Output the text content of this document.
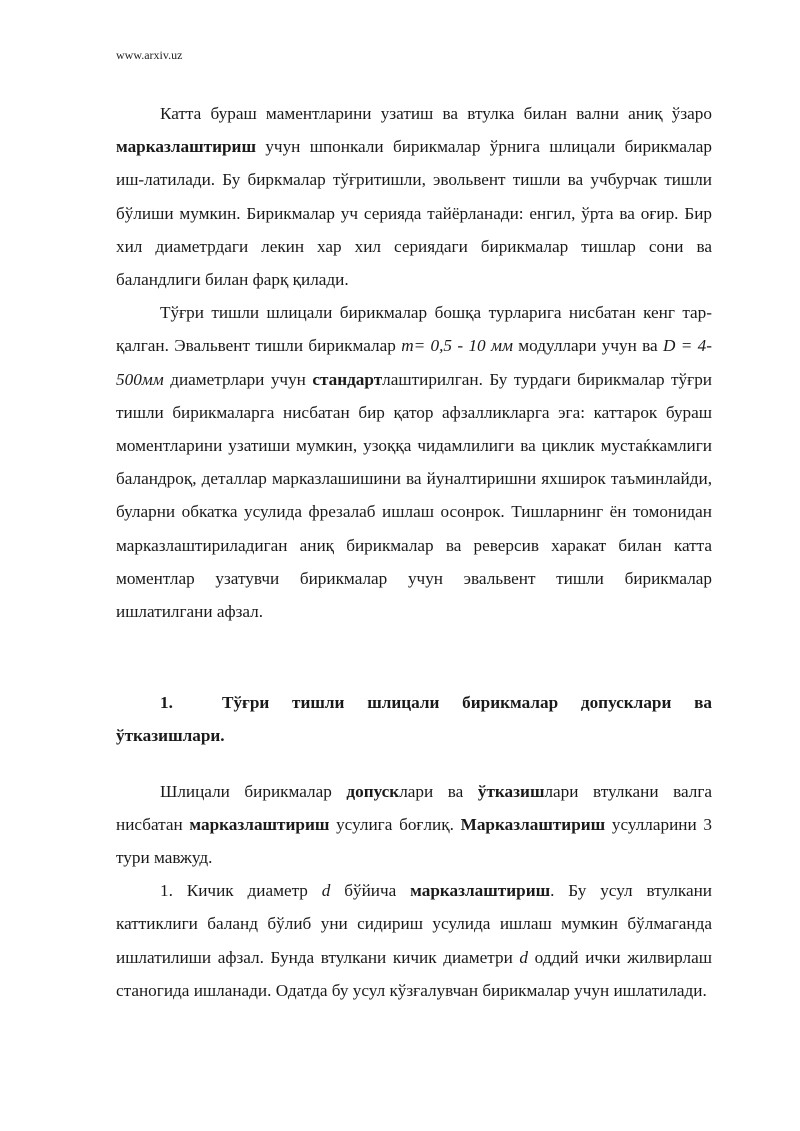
www.arxiv.uz

Катта бураш маментларини узатиш ва втулка билан вални аниқ ўзаро марказлаштириш учун шпонкали бирикмалар ўрнига шлицали бирикмалар иш-латилади. Бу биркмалар тўғритишли, эвольвент тишли ва учбурчак тишли бўлиши мумкин. Бирикмалар уч серияда тайёрланади: енгил, ўрта ва оғир. Бир хил диаметрдаги лекин хар хил сериядаги бирикмалар тишлар сони ва баландлиги билан фарқ қилади.

Тўғри тишли шлицали бирикмалар бошқа турларига нисбатан кенг тар-қалган. Эвальвент тишли бирикмалар m= 0,5 - 10 мм модуллари учун ва D = 4- 500мм диаметрлари учун стандартлаштирилган. Бу турдаги бирикмалар тўғри тишли бирикмаларга нисбатан бир қатор афзалликларга эга: каттарок бураш моментларини узатиши мумкин, узоққа чидамлилиги ва циклик мустаќкамлиги баландроқ, деталлар марказлашишини ва йуналтиришни яхширок таъминлайди, буларни обкатка усулида фрезалаб ишлаш осонрок. Тишларнинг ён томонидан марказлаштириладиган аниқ бирикмалар ва реверсив харакат билан катта моментлар узатувчи бирикмалар учун эвальвент тишли бирикмалар ишлатилгани афзал.

1.	Тўғри тишли шлицали бирикмалар допусклари ва ўтказишлари.

Шлицали бирикмалар допусклари ва ўтказишлари втулкани валга нисбатан марказлаштириш усулига боғлиқ. Марказлаштириш усулларини 3 тури мавжуд.

1. Кичик диаметр d бўйича марказлаштириш. Бу усул втулкани каттиклиги баланд бўлиб уни сидириш усулида ишлаш мумкин бўлмаганда ишлатилиши афзал. Бунда втулкани кичик диаметри d оддий ички жилвирлаш станогида ишланади. Одатда бу усул кўзғалувчан бирикмалар учун ишлатилади.
